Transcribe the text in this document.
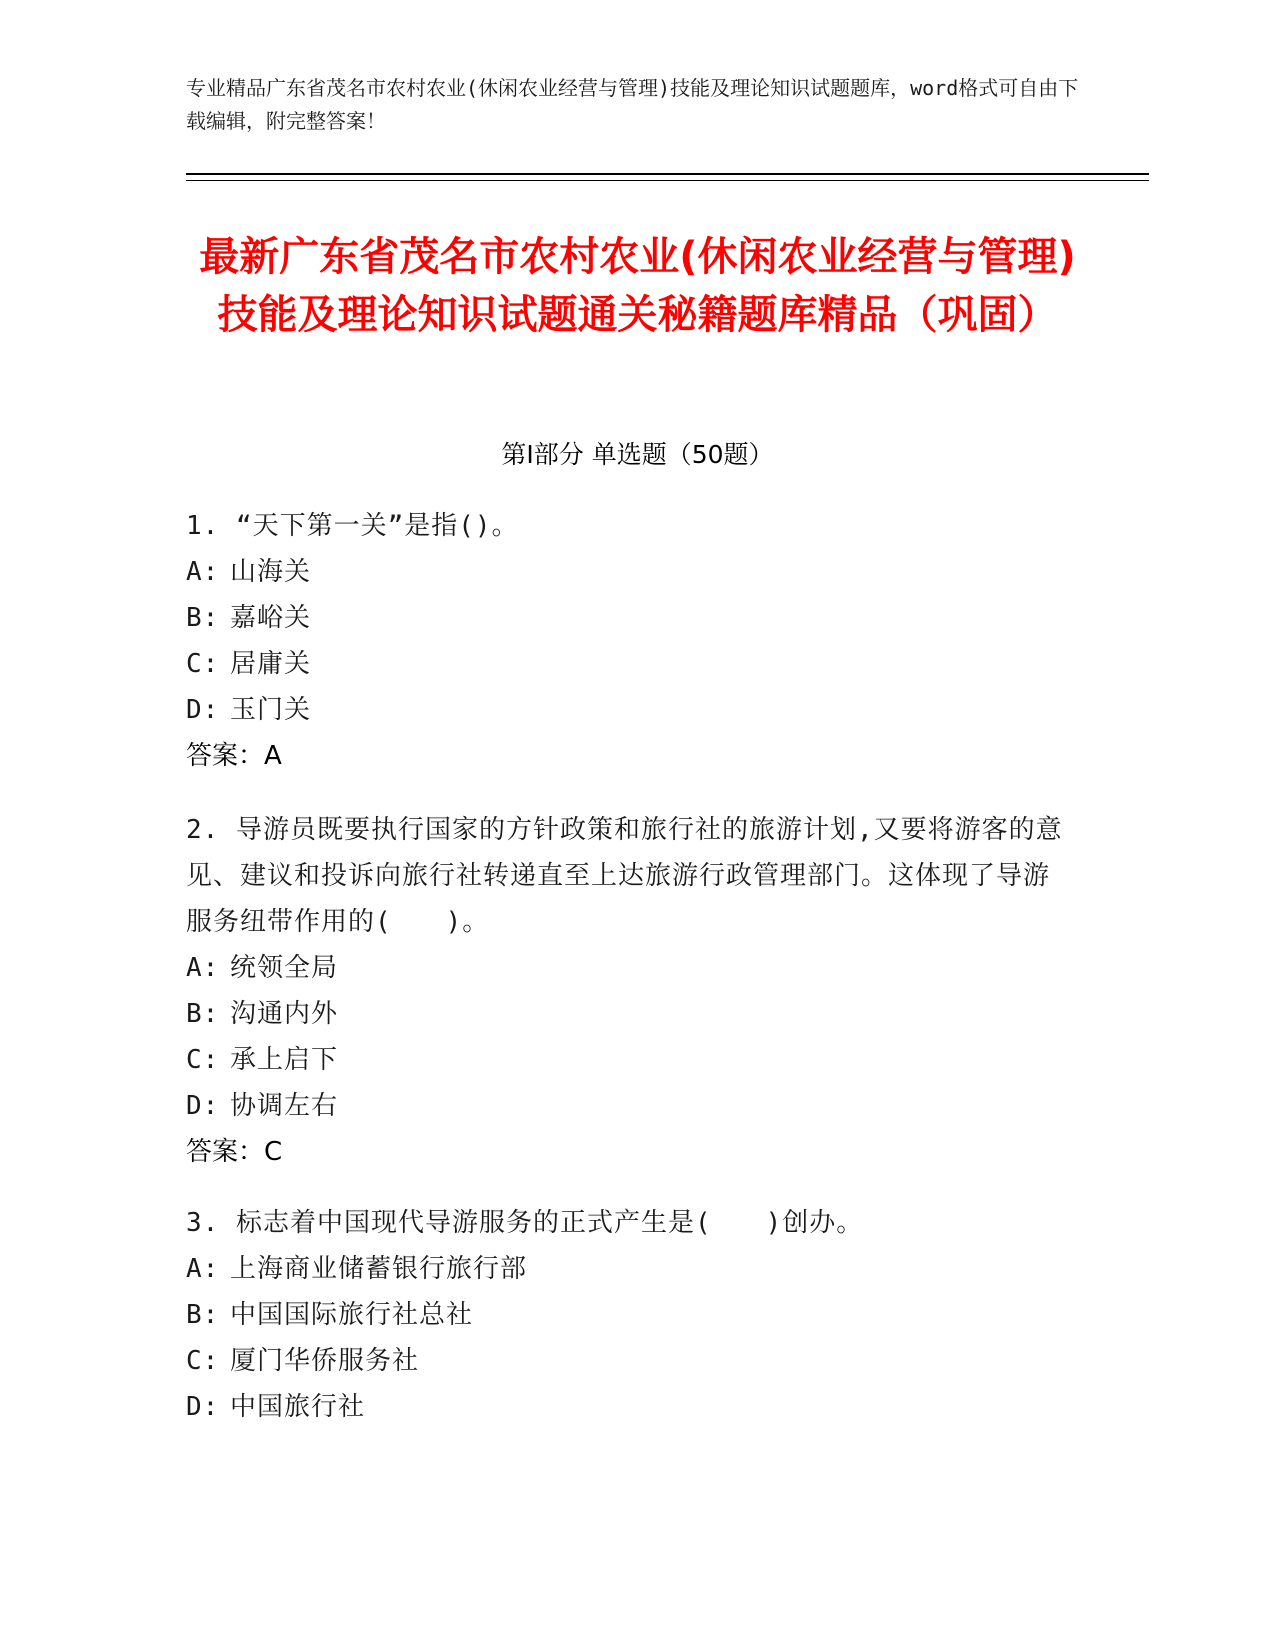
专业精品广东省茂名市农村农业(休闲农业经营与管理)技能及理论知识试题题库，word格式可自由下载编辑，附完整答案！
最新广东省茂名市农村农业(休闲农业经营与管理)技能及理论知识试题通关秘籍题库精品（巩固）
第Ⅰ部分 单选题（50题）

1. “天下第一关”是指()。

A: 山海关

B: 嘉峪关

C: 居庸关

D: 玉门关

答案：A

2. 导游员既要执行国家的方针政策和旅行社的旅游计划,又要将游客的意见、建议和投诉向旅行社转递直至上达旅游行政管理部门。这体现了导游服务纽带作用的(　　)。

A: 统领全局

B: 沟通内外

C: 承上启下

D: 协调左右

答案：C

3. 标志着中国现代导游服务的正式产生是(　　)创办。

A: 上海商业储蓄银行旅行部

B: 中国国际旅行社总社

C: 厦门华侨服务社

D: 中国旅行社
